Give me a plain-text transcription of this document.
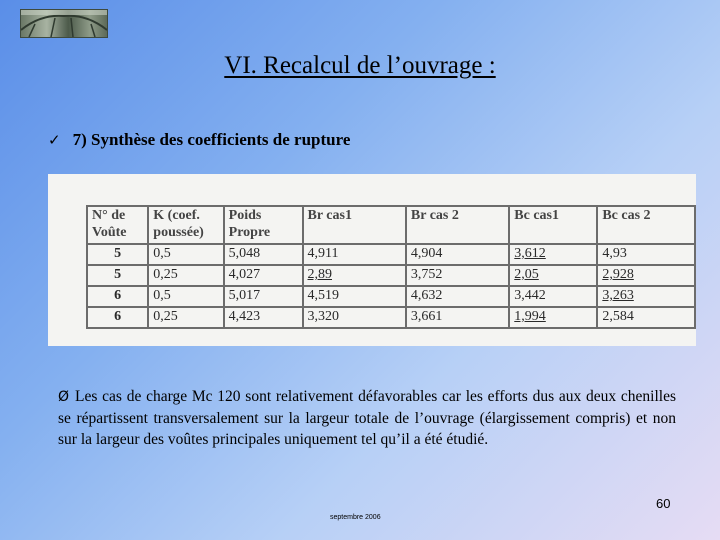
VI. Recalcul de l’ouvrage :
✓ 7) Synthèse des coefficients de rupture
N° de Voûte	K (coef. poussée)	Poids Propre	Br cas1	Br cas 2	Bc cas1	Bc cas 2
5	0,5	5,048	4,911	4,904	3,612	4,93
5	0,25	4,027	2,89	3,752	2,05	2,928
6	0,5	5,017	4,519	4,632	3,442	3,263
6	0,25	4,423	3,320	3,661	1,994	2,584
Ø Les cas de charge Mc 120 sont relativement défavorables car les efforts dus aux deux chenilles se répartissent transversalement sur la largeur totale de l’ouvrage (élargissement compris) et non sur la largeur des voûtes principales uniquement tel qu’il a été étudié.
60
septembre 2006
